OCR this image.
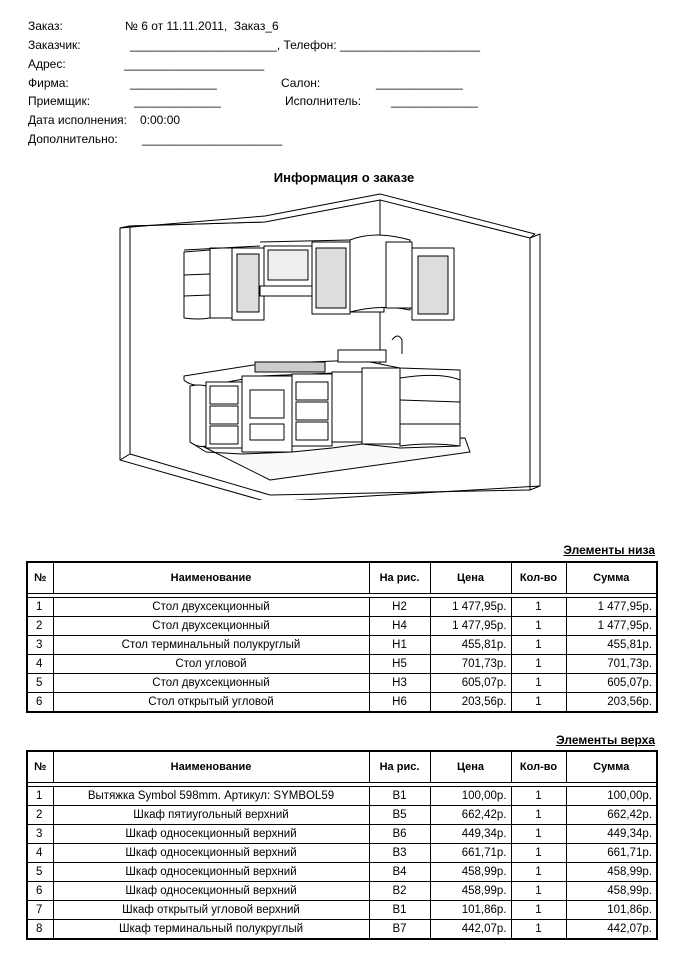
Заказ:	№ 6 от 11.11.2011,  Заказ_6
Заказчик:	______________________, Телефон: _____________________
Адрес:	_____________________
Фирма:	_____________	Салон:	_____________
Приемщик:	_____________	Исполнитель: _____________
Дата исполнения: 0:00:00
Дополнительно: _____________________
Информация о заказе
Элементы низа
№	Наименование	На рис.	Цена	Кол-во	Сумма

1	Стол двухсекционный	Н2	1 477,95р.	1	1 477,95р.
2	Стол двухсекционный	Н4	1 477,95р.	1	1 477,95р.
3	Стол терминальный полукруглый	Н1	455,81р.	1	455,81р.
4	Стол угловой	Н5	701,73р.	1	701,73р.
5	Стол двухсекционный	Н3	605,07р.	1	605,07р.
6	Стол открытый угловой	Н6	203,56р.	1	203,56р.
Элементы верха
№	Наименование	На рис.	Цена	Кол-во	Сумма

1	Вытяжка Symbol 598mm. Артикул: SYMBOL59	В1	100,00р.	1	100,00р.
2	Шкаф пятиугольный верхний	В5	662,42р.	1	662,42р.
3	Шкаф односекционный верхний	В6	449,34р.	1	449,34р.
4	Шкаф односекционный верхний	В3	661,71р.	1	661,71р.
5	Шкаф односекционный верхний	В4	458,99р.	1	458,99р.
6	Шкаф односекционный верхний	В2	458,99р.	1	458,99р.
7	Шкаф открытый угловой верхний	В1	101,86р.	1	101,86р.
8	Шкаф терминальный полукруглый	В7	442,07р.	1	442,07р.
